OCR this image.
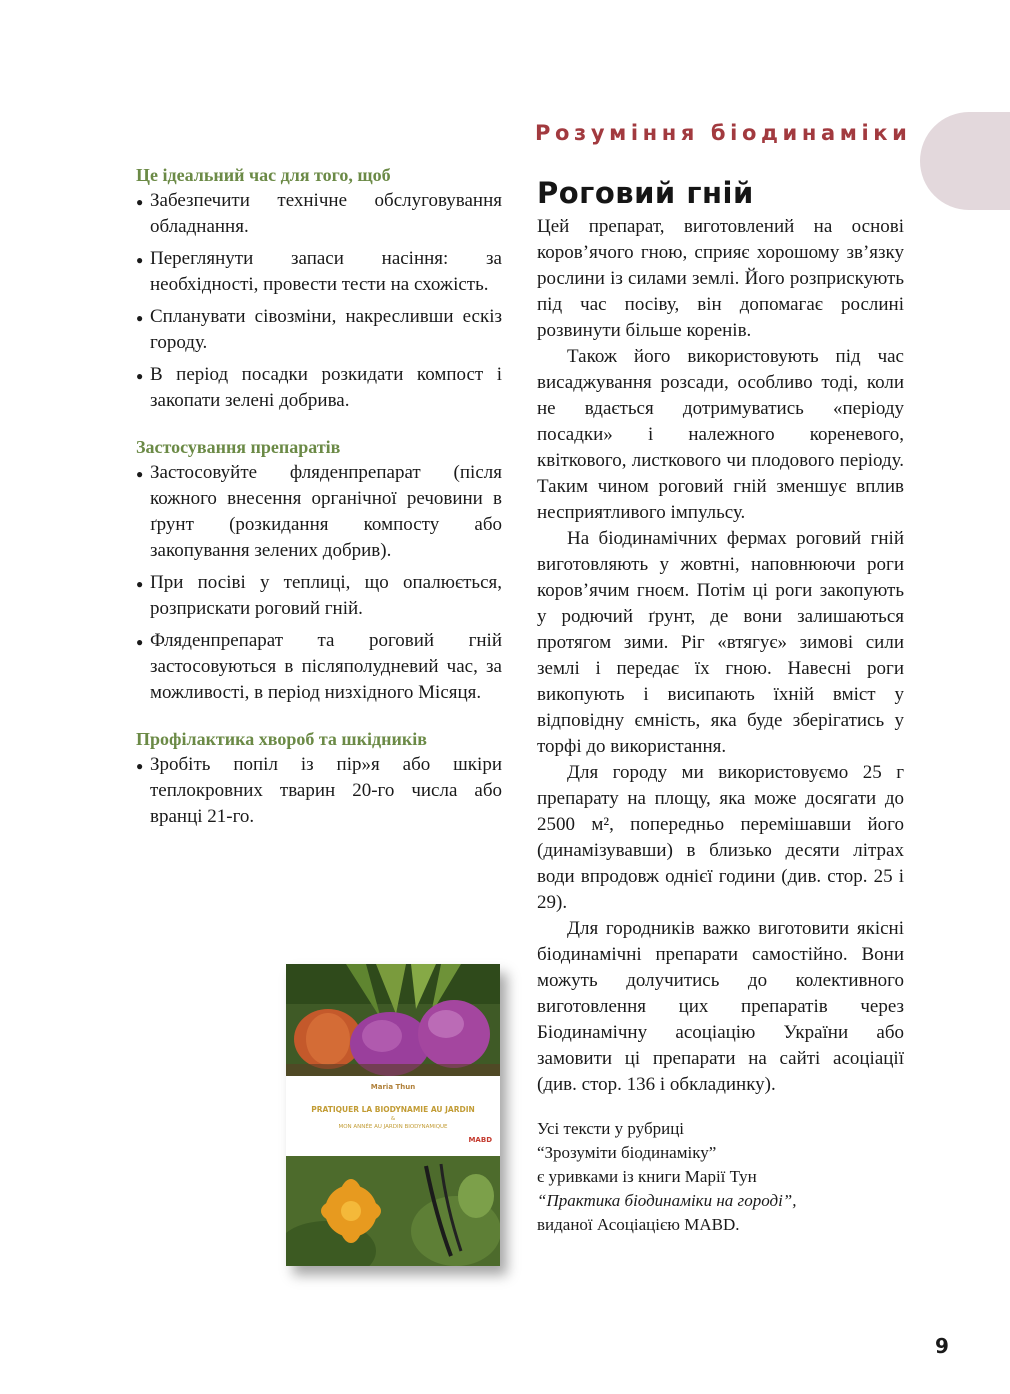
Розуміння біодинаміки
Це ідеальний час для того, щоб
● Забезпечити технічне обслуговування обладнання.
● Переглянути запаси насіння: за необхідності, провести тести на схожість.
● Спланувати сівозміни, накресливши ескіз городу.
● В період посадки розкидати компост і закопати зелені добрива.
Застосування препаратів
● Застосовуйте фляденпрепарат (після кожного внесення органічної речовини в ґрунт (розкидання компосту або закопування зелених добрив).
● При посіві у теплиці, що опалюється, розприскати роговий гній.
● Фляденпрепарат та роговий гній застосовуються в післяполудневий час, за можливості, в період низхідного Місяця.
Профілактика хвороб та шкідників
● Зробіть попіл із пір»я або шкіри теплокровних тварин 20-го числа або вранці 21-го.
Роговий гній

Цей препарат, виготовлений на основі коров’ячого гною, сприяє хорошому зв’язку рослини із силами землі. Його розприскують під час посіву, він допомагає рослині розвинути більше коренів.

Також його використовують під час висаджування розсади, особливо тоді, коли не вдається дотримуватись «періоду посадки» і належного кореневого, квіткового, листкового чи плодового періоду. Таким чином роговий гній зменшує вплив несприятливого імпульсу.

На біодинамічних фермах роговий гній виготовляють у жовтні, наповнюючи роги коров’ячим гноєм. Потім ці роги закопують у родючий ґрунт, де вони залишаються протягом зими. Ріг «втягує» зимові сили землі і передає їх гною. Навесні роги викопують і висипають їхній вміст у відповідну ємність, яка буде зберігатись у торфі до використання.

Для городу ми використовуємо 25 г препарату на площу, яка може досягати до 2500 м², попередньо перемішавши його (динамізувавши) в близько десяти літрах води впродовж однієї години (див. стор. 25 і 29).

Для городників важко виготовити якісні біодинамічні препарати самостійно. Вони можуть долучитись до колективного виготовлення цих препаратів через Біодинамічну асоціацію України або замовити ці препарати на сайті асоціації (див. стор. 136 і обкладинку).

Усі тексти у рубриці
“Зрозуміти біодинаміку”
є уривками із книги Марії Тун
“Практика біодинаміки на городі”,
виданої Асоціацією MABD.
Maria Thun
PRATIQUER LA BIODYNAMIE AU JARDIN
&
MON ANNÉE AU JARDIN BIODYNAMIQUE
MABD
9
